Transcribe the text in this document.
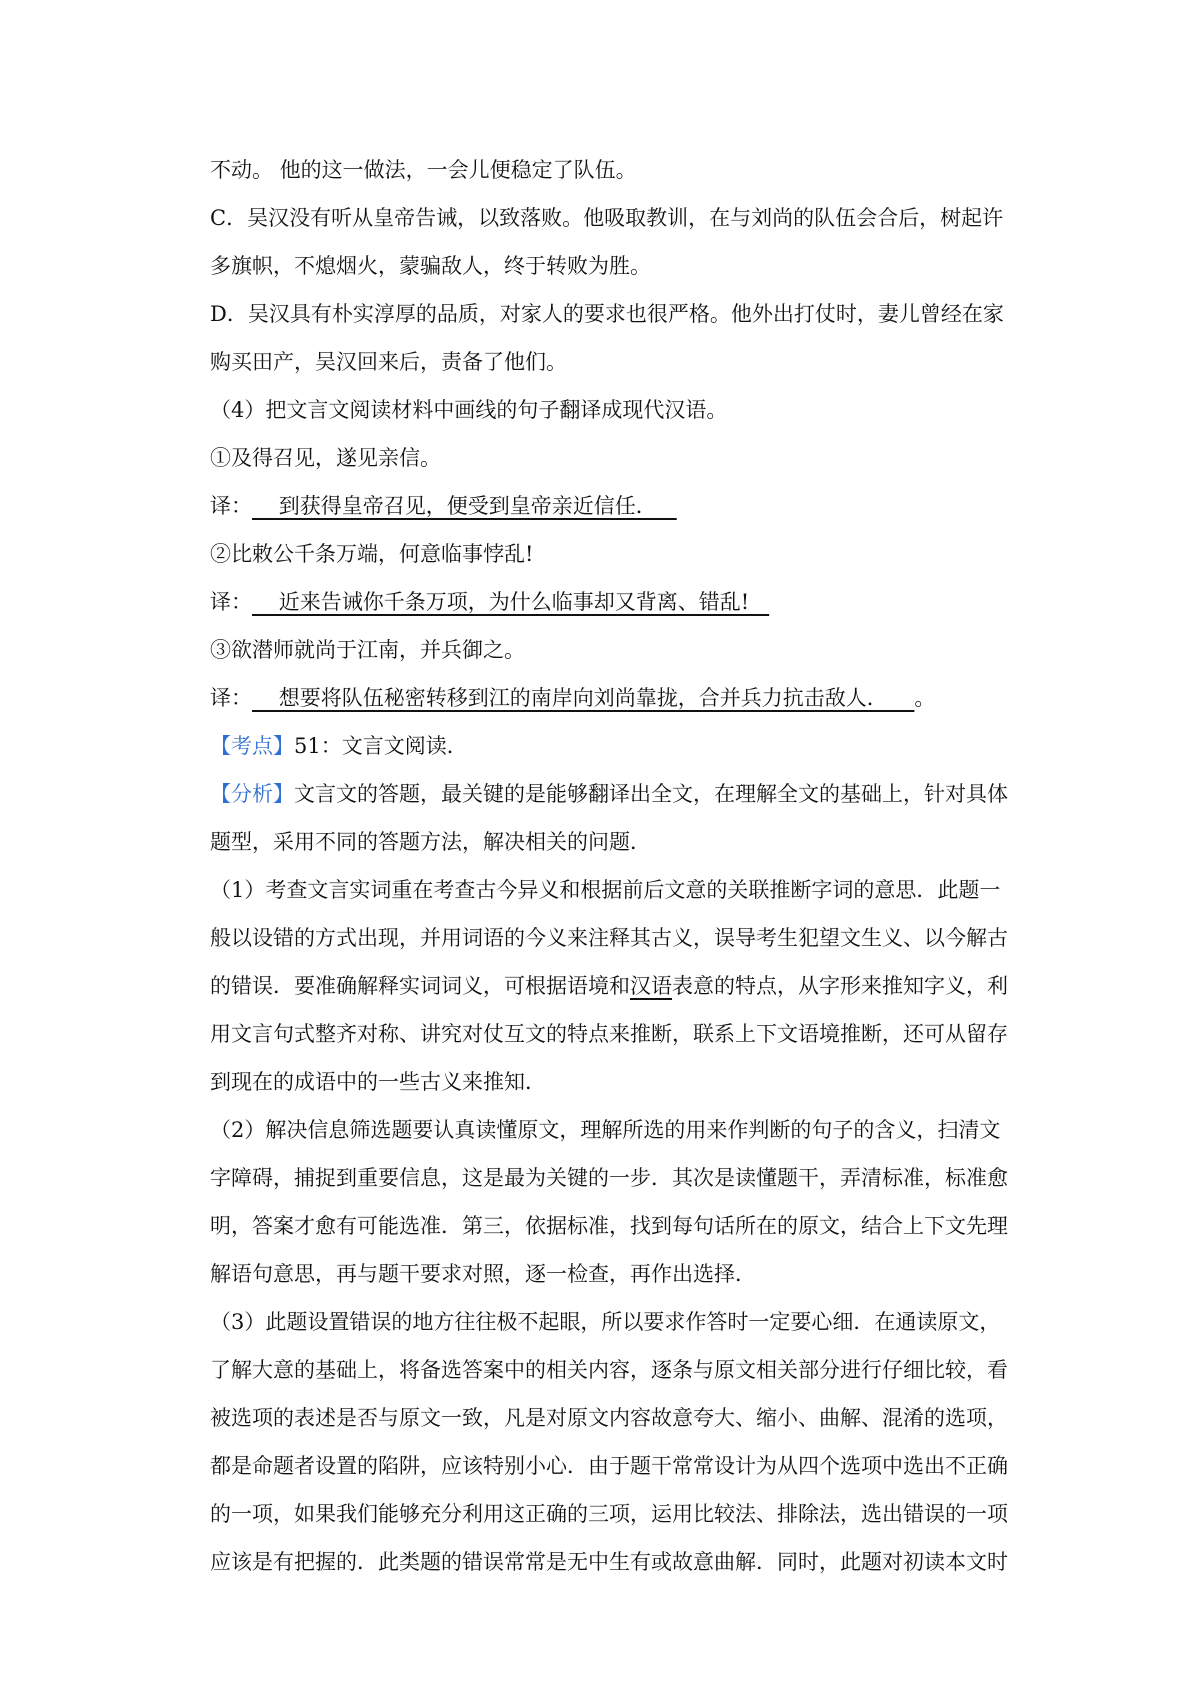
不动。 他的这一做法，一会儿便稳定了队伍。
C．吴汉没有听从皇帝告诫，以致落败。他吸取教训，在与刘尚的队伍会合后，树起许
多旗帜，不熄烟火，蒙骗敌人，终于转败为胜。
D．吴汉具有朴实淳厚的品质，对家人的要求也很严格。他外出打仗时，妻儿曾经在家
购买田产，吴汉回来后，责备了他们。
（4）把文言文阅读材料中画线的句子翻译成现代汉语。
①及得召见，遂见亲信。
译：    到获得皇帝召见，便受到皇帝亲近信任．
②比敕公千条万端，何意临事悖乱!
译：    近来告诫你千条万项，为什么临事却又背离、错乱!
③欲潜师就尚于江南，并兵御之。
译：    想要将队伍秘密转移到江的南岸向刘尚靠拢，合并兵力抗击敌人．    。
【考点】51：文言文阅读．
【分析】文言文的答题，最关键的是能够翻译出全文，在理解全文的基础上，针对具体
题型，采用不同的答题方法，解决相关的问题．
（1）考查文言实词重在考查古今异义和根据前后文意的关联推断字词的意思．此题一
般以设错的方式出现，并用词语的今义来注释其古义，误导考生犯望文生义、以今解古
的错误．要准确解释实词词义，可根据语境和汉语表意的特点，从字形来推知字义，利
用文言句式整齐对称、讲究对仗互文的特点来推断，联系上下文语境推断，还可从留存
到现在的成语中的一些古义来推知．
（2）解决信息筛选题要认真读懂原文，理解所选的用来作判断的句子的含义，扫清文
字障碍，捕捉到重要信息，这是最为关键的一步．其次是读懂题干，弄清标准，标准愈
明，答案才愈有可能选准．第三，依据标准，找到每句话所在的原文，结合上下文先理
解语句意思，再与题干要求对照，逐一检查，再作出选择．
（3）此题设置错误的地方往往极不起眼，所以要求作答时一定要心细．在通读原文，
了解大意的基础上，将备选答案中的相关内容，逐条与原文相关部分进行仔细比较，看
被选项的表述是否与原文一致，凡是对原文内容故意夸大、缩小、曲解、混淆的选项，
都是命题者设置的陷阱，应该特别小心．由于题干常常设计为从四个选项中选出不正确
的一项，如果我们能够充分利用这正确的三项，运用比较法、排除法，选出错误的一项
应该是有把握的．此类题的错误常常是无中生有或故意曲解．同时，此题对初读本文时
